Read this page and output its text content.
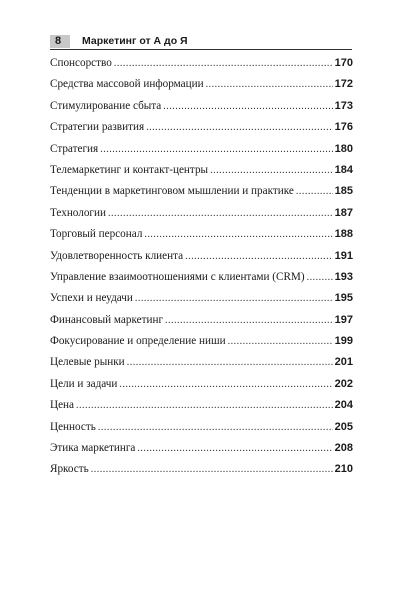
8	Маркетинг от А до Я
Спонсорство .....	170
Средства массовой информации .....	172
Стимулирование сбыта .....	173
Стратегии развития .....	176
Стратегия .....	180
Телемаркетинг и контакт-центры .....	184
Тенденции в маркетинговом мышлении и практике .....	185
Технологии .....	187
Торговый персонал .....	188
Удовлетворенность клиента .....	191
Управление взаимоотношениями с клиентами (CRM) .....	193
Успехи и неудачи .....	195
Финансовый маркетинг .....	197
Фокусирование и определение ниши .....	199
Целевые рынки .....	201
Цели и задачи .....	202
Цена .....	204
Ценность .....	205
Этика маркетинга .....	208
Яркость .....	210
